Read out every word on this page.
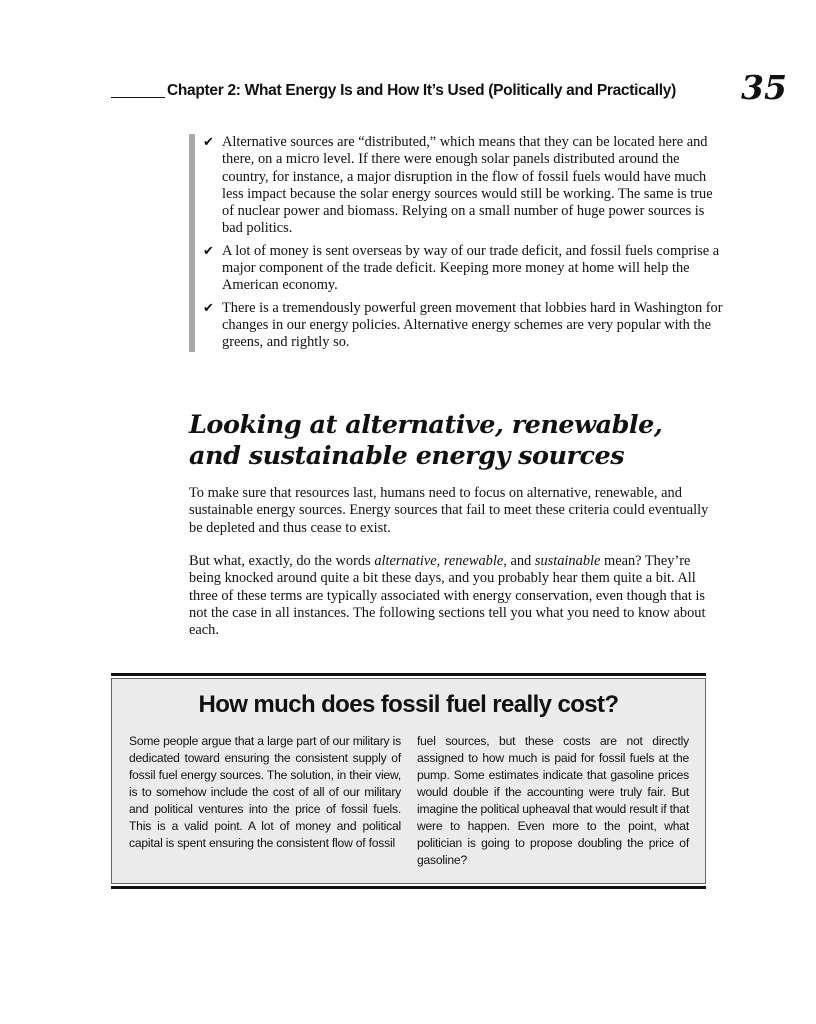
Chapter 2: What Energy Is and How It’s Used (Politically and Practically) 35
✔ Alternative sources are “distributed,” which means that they can be located here and there, on a micro level. If there were enough solar panels distributed around the country, for instance, a major disruption in the flow of fossil fuels would have much less impact because the solar energy sources would still be working. The same is true of nuclear power and biomass. Relying on a small number of huge power sources is bad politics.
✔ A lot of money is sent overseas by way of our trade deficit, and fossil fuels comprise a major component of the trade deficit. Keeping more money at home will help the American economy.
✔ There is a tremendously powerful green movement that lobbies hard in Washington for changes in our energy policies. Alternative energy schemes are very popular with the greens, and rightly so.
Looking at alternative, renewable,
and sustainable energy sources

To make sure that resources last, humans need to focus on alternative, renewable, and sustainable energy sources. Energy sources that fail to meet these criteria could eventually be depleted and thus cease to exist.

But what, exactly, do the words alternative, renewable, and sustainable mean? They’re being knocked around quite a bit these days, and you probably hear them quite a bit. All three of these terms are typically associated with energy conservation, even though that is not the case in all instances. The following sections tell you what you need to know about each.

How much does fossil fuel really cost?

Some people argue that a large part of our military is dedicated toward ensuring the consistent supply of fossil fuel energy sources. The solution, in their view, is to somehow include the cost of all of our military and political ventures into the price of fossil fuels. This is a valid point. A lot of money and political capital is spent ensuring the consistent flow of fossil

fuel sources, but these costs are not directly assigned to how much is paid for fossil fuels at the pump. Some estimates indicate that gasoline prices would double if the accounting were truly fair. But imagine the political upheaval that would result if that were to happen. Even more to the point, what politician is going to propose doubling the price of gasoline?
